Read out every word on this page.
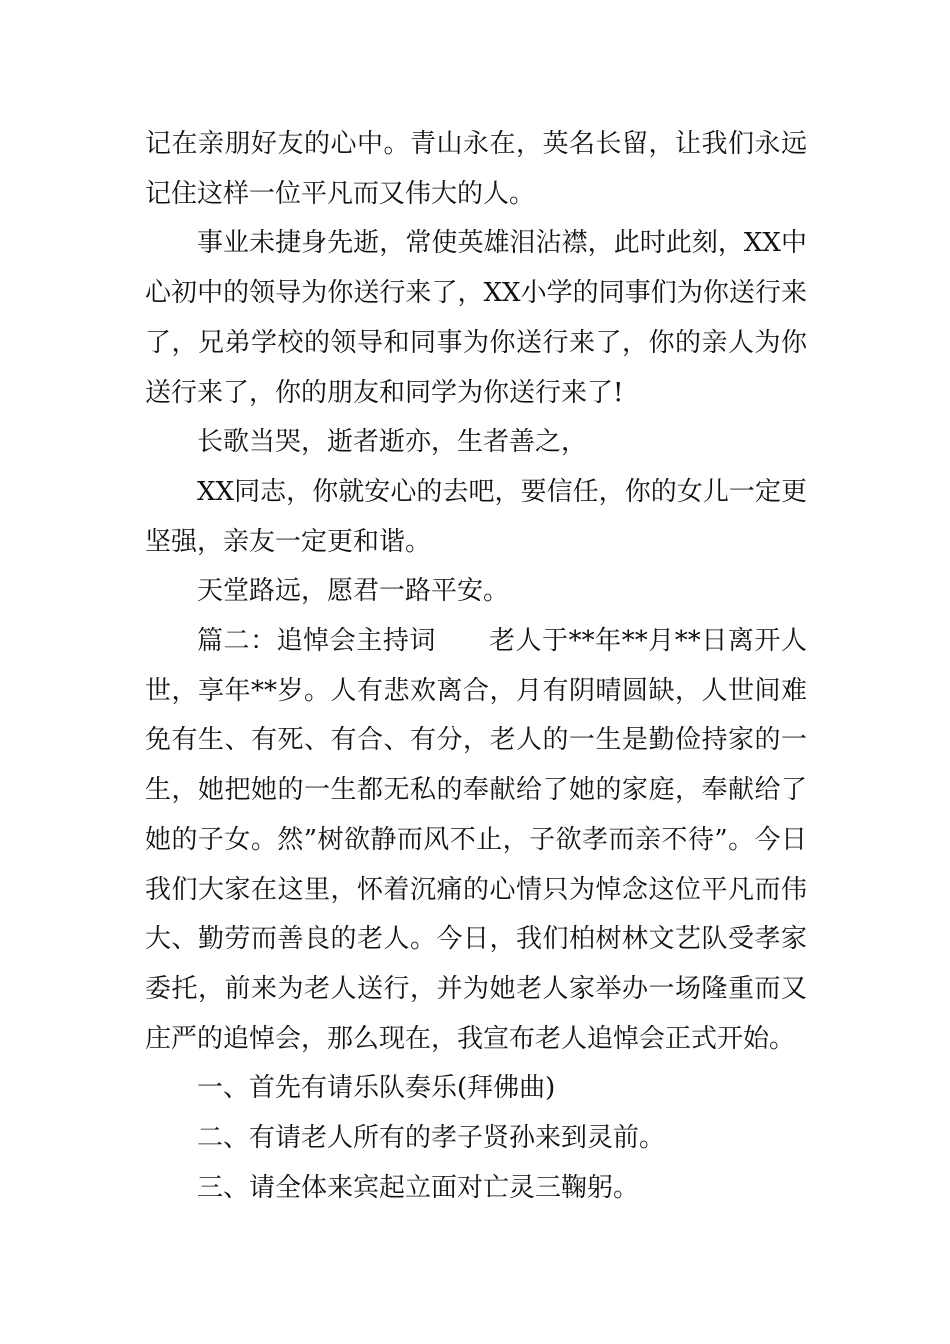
记在亲朋好友的心中。青山永在，英名长留，让我们永远记住这样一位平凡而又伟大的人。

事业未捷身先逝，常使英雄泪沾襟，此时此刻，XX中心初中的领导为你送行来了，XX小学的同事们为你送行来了，兄弟学校的领导和同事为你送行来了，你的亲人为你送行来了，你的朋友和同学为你送行来了!

长歌当哭，逝者逝亦，生者善之，

XX同志，你就安心的去吧，要信任，你的女儿一定更坚强，亲友一定更和谐。

天堂路远，愿君一路平安。

篇二：追悼会主持词　　老人于**年**月**日离开人世，享年**岁。人有悲欢离合，月有阴晴圆缺，人世间难免有生、有死、有合、有分，老人的一生是勤俭持家的一生，她把她的一生都无私的奉献给了她的家庭，奉献给了她的子女。然”树欲静而风不止，子欲孝而亲不待”。今日我们大家在这里，怀着沉痛的心情只为悼念这位平凡而伟大、勤劳而善良的老人。今日，我们柏树林文艺队受孝家委托，前来为老人送行，并为她老人家举办一场隆重而又庄严的追悼会，那么现在，我宣布老人追悼会正式开始。

一、首先有请乐队奏乐(拜佛曲)

二、有请老人所有的孝子贤孙来到灵前。

三、请全体来宾起立面对亡灵三鞠躬。
